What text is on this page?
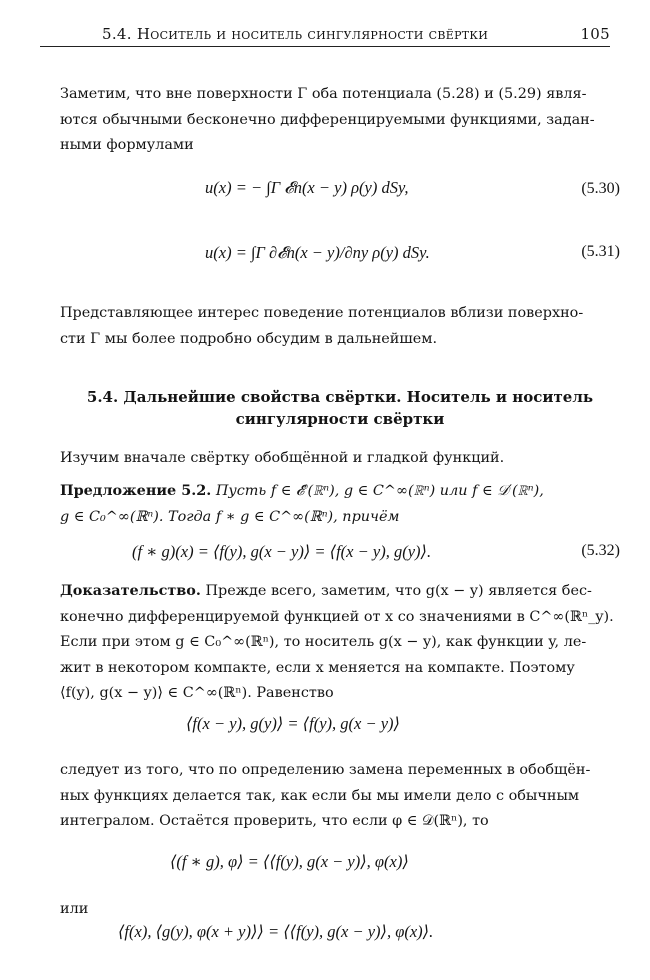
5.4. Носитель и носитель сингулярности свёртки	105
Заметим, что вне поверхности Γ оба потенциала (5.28) и (5.29) явля-
ются обычными бесконечно дифференцируемыми функциями, задан-
ными формулами
u(x) = − ∫Γ 𝓔n(x − y) ρ(y) dSy,	(5.30)
u(x) = ∫Γ ∂𝓔n(x − y)/∂ny ρ(y) dSy.	(5.31)
Представляющее интерес поведение потенциалов вблизи поверхно-
сти Γ мы более подробно обсудим в дальнейшем.
5.4. Дальнейшие свойства свёртки. Носитель и носитель
сингулярности свёртки
Изучим вначале свёртку обобщённой и гладкой функций.
Предложение 5.2. Пусть f ∈ 𝓔′(ℝⁿ), g ∈ C^∞(ℝⁿ) или f ∈ 𝒟′(ℝⁿ),
g ∈ C₀^∞(ℝⁿ). Тогда f ∗ g ∈ C^∞(ℝⁿ), причём
(f ∗ g)(x) = ⟨f(y), g(x − y)⟩ = ⟨f(x − y), g(y)⟩.	(5.32)
Доказательство. Прежде всего, заметим, что g(x − y) является бес-
конечно дифференцируемой функцией от x со значениями в C^∞(ℝⁿ_y).
Если при этом g ∈ C₀^∞(ℝⁿ), то носитель g(x − y), как функции y, ле-
жит в некотором компакте, если x меняется на компакте. Поэтому
⟨f(y), g(x − y)⟩ ∈ C^∞(ℝⁿ). Равенство
⟨f(x − y), g(y)⟩ = ⟨f(y), g(x − y)⟩
следует из того, что по определению замена переменных в обобщён-
ных функциях делается так, как если бы мы имели дело с обычным
интегралом. Остаётся проверить, что если φ ∈ 𝒟(ℝⁿ), то
⟨(f ∗ g), φ⟩ = ⟨⟨f(y), g(x − y)⟩, φ(x)⟩
или
⟨f(x), ⟨g(y), φ(x + y)⟩⟩ = ⟨⟨f(y), g(x − y)⟩, φ(x)⟩.
